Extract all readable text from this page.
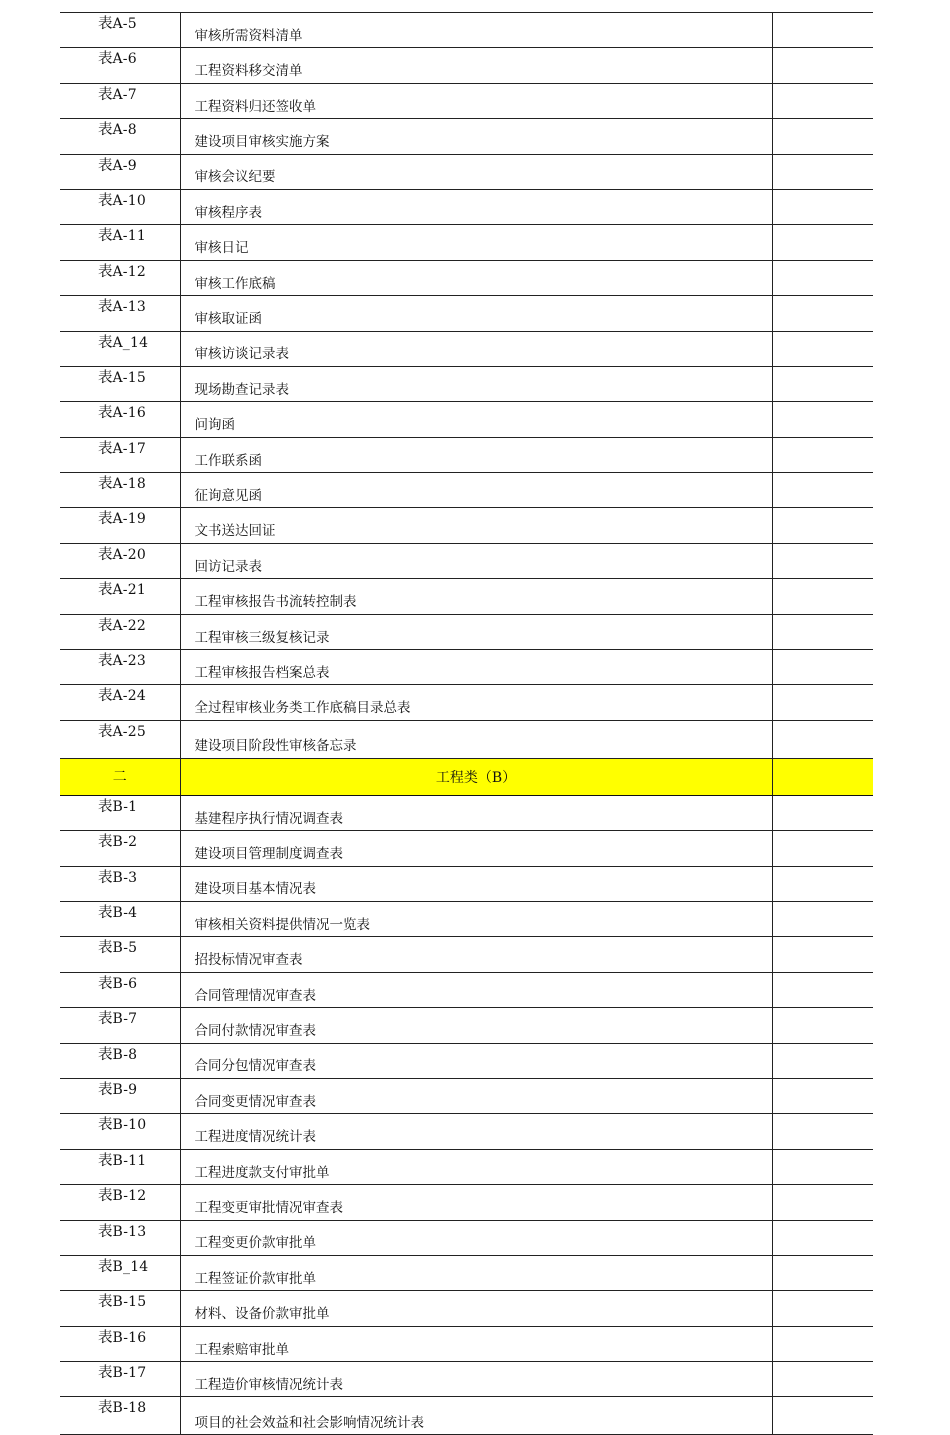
表A-5	审核所需资料清单	
表A-6	工程资料移交清单	
表A-7	工程资料归还签收单	
表A-8	建设项目审核实施方案	
表A-9	审核会议纪要	
表A-10	审核程序表	
表A-11	审核日记	
表A-12	审核工作底稿	
表A-13	审核取证函	
表A_14	审核访谈记录表	
表A-15	现场勘查记录表	
表A-16	问询函	
表A-17	工作联系函	
表A-18	征询意见函	
表A-19	文书送达回证	
表A-20	回访记录表	
表A-21	工程审核报告书流转控制表	
表A-22	工程审核三级复核记录	
表A-23	工程审核报告档案总表	
表A-24	全过程审核业务类工作底稿目录总表	
表A-25	建设项目阶段性审核备忘录	
二	工程类（B）	
表B-1	基建程序执行情况调查表	
表B-2	建设项目管理制度调查表	
表B-3	建设项目基本情况表	
表B-4	审核相关资料提供情况一览表	
表B-5	招投标情况审查表	
表B-6	合同管理情况审查表	
表B-7	合同付款情况审查表	
表B-8	合同分包情况审查表	
表B-9	合同变更情况审查表	
表B-10	工程进度情况统计表	
表B-11	工程进度款支付审批单	
表B-12	工程变更审批情况审查表	
表B-13	工程变更价款审批单	
表B_14	工程签证价款审批单	
表B-15	材料、设备价款审批单	
表B-16	工程索赔审批单	
表B-17	工程造价审核情况统计表	
表B-18	项目的社会效益和社会影响情况统计表	
